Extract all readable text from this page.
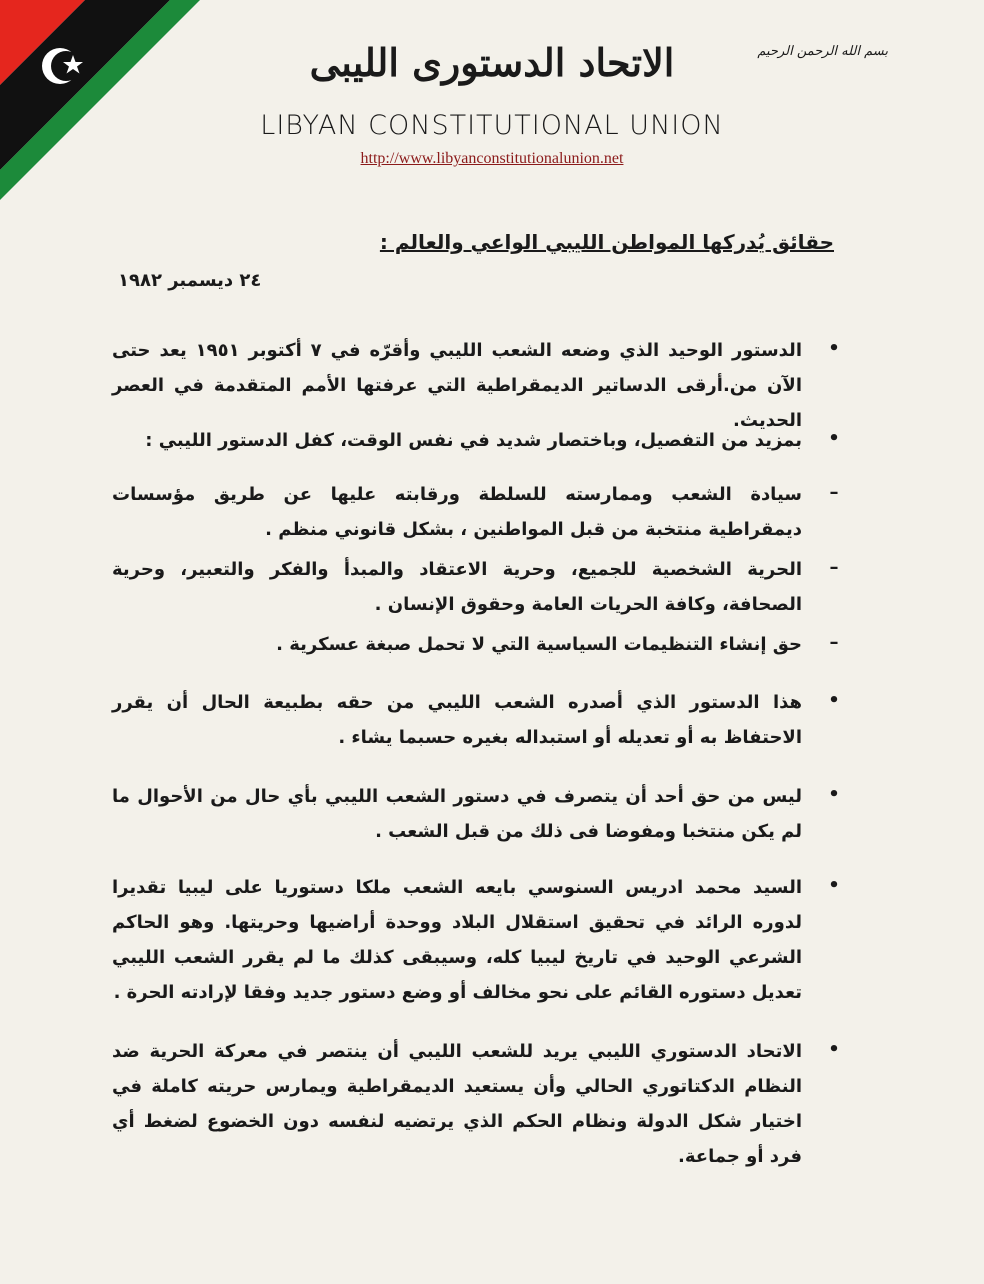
بسم الله الرحمن الرحيم
الاتحاد الدستورى الليبى
LIBYAN CONSTITUTIONAL UNION
http://www.libyanconstitutionalunion.net
حقائق يُدركها المواطن الليبي الواعي والعالم :
٢٤ ديسمبر ١٩٨٢
•
الدستور الوحيد الذي وضعه الشعب الليبي وأقرّه في ٧ أكتوبر ١٩٥١ يعد حتى الآن من.أرقى الدساتير الديمقراطية التي عرفتها الأمم المتقدمة في العصر الحديث.
•
بمزيد من التفصيل، وباختصار شديد في نفس الوقت، كفل الدستور الليبي :
–
سيادة الشعب وممارسته للسلطة ورقابته عليها عن طريق مؤسسات ديمقراطية منتخبة من قبل المواطنين ، بشكل قانوني منظم .
–
الحرية الشخصية للجميع، وحرية الاعتقاد والمبدأ والفكر والتعبير، وحرية الصحافة، وكافة الحريات العامة وحقوق الإنسان .
–
حق إنشاء التنظيمات السياسية التي لا تحمل صبغة عسكرية .
•
هذا الدستور الذي أصدره الشعب الليبي من حقه بطبيعة الحال أن يقرر الاحتفاظ به أو تعديله أو استبداله بغيره حسبما يشاء .
•
ليس من حق أحد أن يتصرف في دستور الشعب الليبي بأي حال من الأحوال ما لم يكن منتخبا ومفوضا فى ذلك من قبل الشعب .
•
السيد محمد ادريس السنوسي بايعه الشعب ملكا دستوريا على ليبيا تقديرا لدوره الرائد في تحقيق استقلال البلاد ووحدة أراضيها وحريتها. وهو الحاكم الشرعي الوحيد في تاريخ ليبيا كله، وسيبقى كذلك ما لم يقرر الشعب الليبي تعديل دستوره القائم على نحو مخالف أو وضع دستور جديد وفقا لإرادته الحرة .
•
الاتحاد الدستوري الليبي يريد للشعب الليبي أن ينتصر في معركة الحرية ضد النظام الدكتاتوري الحالي وأن يستعيد الديمقراطية ويمارس حريته كاملة في اختيار شكل الدولة ونظام الحكم الذي يرتضيه لنفسه دون الخضوع لضغط أي فرد أو جماعة.
